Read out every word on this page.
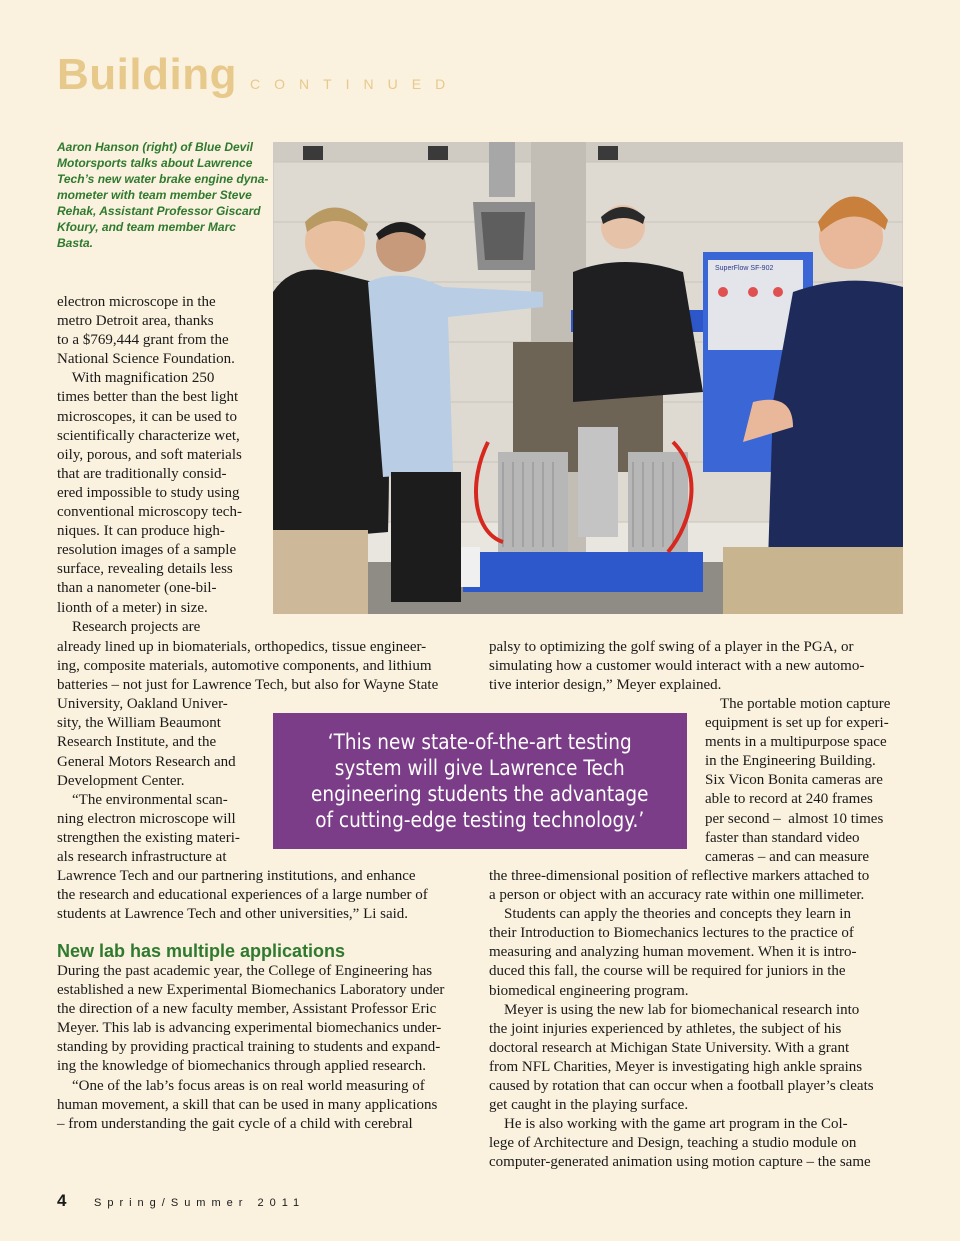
Building CONTINUED
Aaron Hanson (right) of Blue Devil
Motorsports talks about Lawrence
Tech’s new water brake engine dyna-
mometer with team member Steve
Rehak, Assistant Professor Giscard
Kfoury, and team member Marc
Basta.
SuperFlow SF-902
electron microscope in the
metro Detroit area, thanks
to a $769,444 grant from the
National Science Foundation.
With magnification 250
times better than the best light
microscopes, it can be used to
scientifically characterize wet,
oily, porous, and soft materials
that are traditionally consid-
ered impossible to study using
conventional microscopy tech-
niques. It can produce high-
resolution images of a sample
surface, revealing details less
than a nanometer (one-bil-
lionth of a meter) in size.
Research projects are
already lined up in biomaterials, orthopedics, tissue engineer-
ing, composite materials, automotive components, and lithium
batteries – not just for Lawrence Tech, but also for Wayne State
University, Oakland Univer-
sity, the William Beaumont
Research Institute, and the
General Motors Research and
Development Center.
“The environmental scan-
ning electron microscope will
strengthen the existing materi-
als research infrastructure at
Lawrence Tech and our partnering institutions, and enhance
the research and educational experiences of a large number of
students at Lawrence Tech and other universities,” Li said.
New lab has multiple applications
During the past academic year, the College of Engineering has
established a new Experimental Biomechanics Laboratory under
the direction of a new faculty member, Assistant Professor Eric
Meyer. This lab is advancing experimental biomechanics under-
standing by providing practical training to students and expand-
ing the knowledge of biomechanics through applied research.
“One of the lab’s focus areas is on real world measuring of
human movement, a skill that can be used in many applications
– from understanding the gait cycle of a child with cerebral
‘This new state-of-the-art testing
system will give Lawrence Tech
engineering students the advantage
of cutting-edge testing technology.’
palsy to optimizing the golf swing of a player in the PGA, or
simulating how a customer would interact with a new automo-
tive interior design,” Meyer explained.
The portable motion capture
equipment is set up for experi-
ments in a multipurpose space
in the Engineering Building.
Six Vicon Bonita cameras are
able to record at 240 frames
per second –  almost 10 times
faster than standard video
cameras – and can measure
the three-dimensional position of reflective markers attached to
a person or object with an accuracy rate within one millimeter.
Students can apply the theories and concepts they learn in
their Introduction to Biomechanics lectures to the practice of
measuring and analyzing human movement. When it is intro-
duced this fall, the course will be required for juniors in the
biomedical engineering program.
Meyer is using the new lab for biomechanical research into
the joint injuries experienced by athletes, the subject of his
doctoral research at Michigan State University. With a grant
from NFL Charities, Meyer is investigating high ankle sprains
caused by rotation that can occur when a football player’s cleats
get caught in the playing surface.
He is also working with the game art program in the Col-
lege of Architecture and Design, teaching a studio module on
computer-generated animation using motion capture – the same
4	Spring/Summer 2011
